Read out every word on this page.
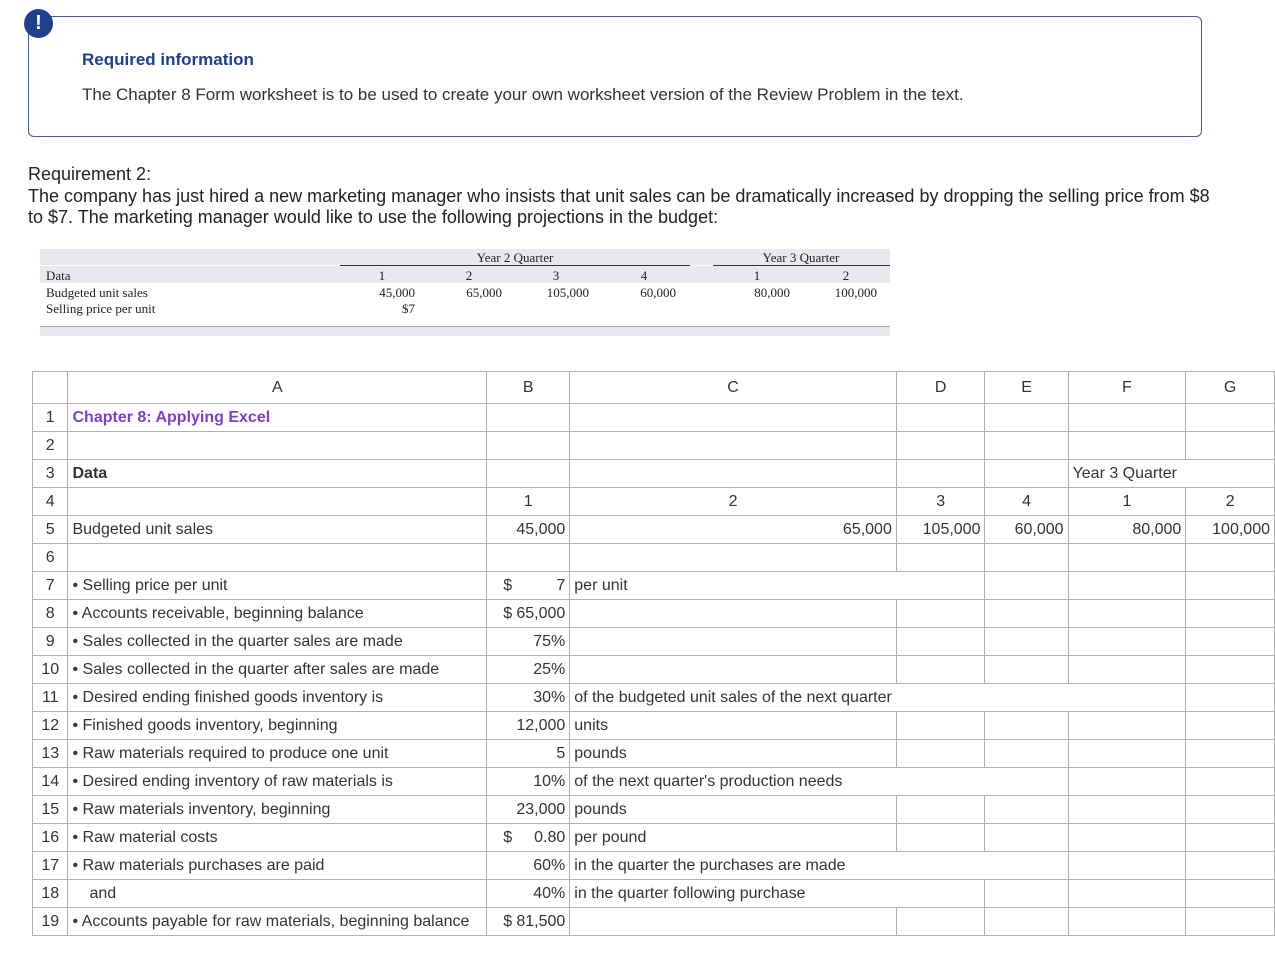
!
Required information
The Chapter 8 Form worksheet is to be used to create your own worksheet version of the Review Problem in the text.
Requirement 2:
The company has just hired a new marketing manager who insists that unit sales can be dramatically increased by dropping the selling price from $8 to $7. The marketing manager would like to use the following projections in the budget:
Year 2 Quarter	Year 3 Quarter
Data	1	2	3	4	1	2
Budgeted unit sales	45,000	65,000	105,000	60,000	80,000	100,000
Selling price per unit	$7
	A	B	C	D	E	F	G
1	Chapter 8: Applying Excel						
2							
3	Data					Year 3 Quarter	
4		1	2	3	4	1	2
5	Budgeted unit sales	45,000	65,000	105,000	60,000	80,000	100,000
6							
7	• Selling price per unit	$ 7	per unit				
8	• Accounts receivable, beginning balance	$ 65,000					
9	• Sales collected in the quarter sales are made	75%					
10	• Sales collected in the quarter after sales are made	25%					
11	• Desired ending finished goods inventory is	30%	of the budgeted unit sales of the next quarter				
12	• Finished goods inventory, beginning	12,000	units				
13	• Raw materials required to produce one unit	5	pounds				
14	• Desired ending inventory of raw materials is	10%	of the next quarter's production needs				
15	• Raw materials inventory, beginning	23,000	pounds				
16	• Raw material costs	$ 0.80	per pound				
17	• Raw materials purchases are paid	60%	in the quarter the purchases are made				
18	and	40%	in the quarter following purchase				
19	• Accounts payable for raw materials, beginning balance	$ 81,500					
